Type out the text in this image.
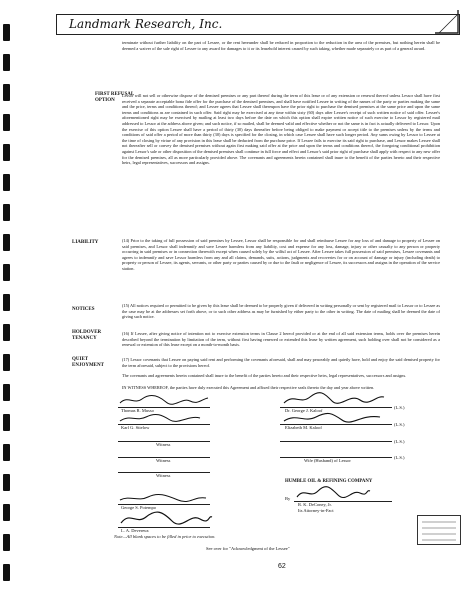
Landmark Research, Inc.
terminate without further liability on the part of Lessee, or the rent hereunder shall be reduced in proportion to the reduction in the area of the premises, but nothing herein shall be deemed a waiver of the sale right of Lessee to any award for damages to it or its leasehold interest caused by such taking, whether made separately or as part of a general award.
FIRST REFUSAL OPTION
Lessor will not sell or otherwise dispose of the demised premises or any part thereof during the term of this lease or of any extension or renewal thereof unless Lessor shall have first received a separate acceptable bona fide offer for the purchase of the demised premises, and shall have notified Lessee in writing of the names of the party or parties making the same and the price, terms and conditions thereof; and Lessee agrees that Lessee shall thereupon have the prior right to purchase the demised premises at the same price and upon the same terms and conditions as are contained in such offer. Said right may be exercised at any time within sixty (60) days after Lessee's receipt of such written notice of said offer. Lessee's aforementioned right may be exercised by mailing at least two days before the date on which this option shall expire written notice of such exercise to Lessor by registered mail addressed to Lessor at the address above given; and such notice, if so mailed, shall be deemed valid and effective whether or not the same is in fact is actually delivered to Lessor. Upon the exercise of this option Lessee shall have a period of thirty (30) days thereafter before being obliged to make payment or accept title to the premises unless by the terms and conditions of said offer a period of more than thirty (30) days is specified for the closing, in which case Lessee shall have such longer period. Any sums owing by Lessor to Lessee at the time of closing by virtue of any provision in this lease shall be deducted from the purchase price. If Lessee fails to exercise its said right to purchase, and Lessor makes Lessee shall not thereafter sell or convey the demised premises without again first making said offer at the price and upon the terms and conditions thereof, the foregoing conditional prohibition against Lessor's sale or other disposition of the demised premises shall continue in full force and effect and Lessor's said prior right of purchase shall apply with respect to any new offer for the demised premises, all as more particularly provided above. The covenants and agreements herein contained shall inure to the benefit of the parties hereto and their respective heirs, legal representatives, successors and assigns.
LIABILITY	(14) Prior to the taking of full possession of said premises by Lessee, Lessor shall be responsible for and shall reimburse Lessee for any loss of and damage to property of Lessee on said premises, and Lessor shall indemnify and save Lessee harmless from any liability, cost and expense for any loss, damage, injury or other casualty to any person or property occurring in said premises or in connection therewith except when caused solely by the wilful act of Lessee. After Lessee takes full possession of said premises, Lessee covenants and agrees to indemnify and save Lessor harmless from any and all claims, demands, suits, actions, judgments and recoveries for or on account of damage or injury (including death) to property or person of Lessee, its agents, servants, or other party or parties caused by or due to the fault or negligence of Lessee, its successors and assigns in the operation of the service station.
NOTICES
(15) All notices required or permitted to be given by this lease shall be deemed to be properly given if delivered in writing personally or sent by registered mail to Lessor or to Lessee as the case may be at the addresses set forth above, or to such other address as may be furnished by either party to the other in writing. The date of mailing shall be deemed the date of giving such notice.
HOLDOVER TENANCY
(16) If Lessee, after giving notice of intention not to exercise extension terms in Clause 2 hereof provided or at the end of all said extension terms, holds over the premises herein described beyond the termination by limitation of the term, without first having renewed or extended this lease by written agreement, such holding over shall not be considered as a renewal or extension of this lease except on a month-to-month basis.
QUIET ENJOYMENT
(17) Lessor covenants that Lessee on paying said rent and performing the covenants aforesaid, shall and may peaceably and quietly have, hold and enjoy the said demised property for the term aforesaid, subject to the provisions hereof.
The covenants and agreements herein contained shall inure to the benefit of the parties hereto and their respective heirs, legal representatives, successors and assigns.
IN WITNESS WHEREOF, the parties have duly executed this Agreement and affixed their respective seals thereto the day and year above written.
Thomas R. Musso
(L.S.)
Dr. George J. Kaloof
Karl G. Stielow
(L.S.)
Elizabeth M. Kaloof
Witness
(L.S.)
Witness
(L.S.)
Wife (Husband) of Lessor
Witness
HUMBLE OIL & REFINING COMPANY
By
R. K. DeConey, Jr.
Its Attorney-in-Fact
George S. Potempo
L. A. Devereux
Note—All blank spaces to be filled in prior to execution.
See over for "Acknowledgment of the Lessee"
62
